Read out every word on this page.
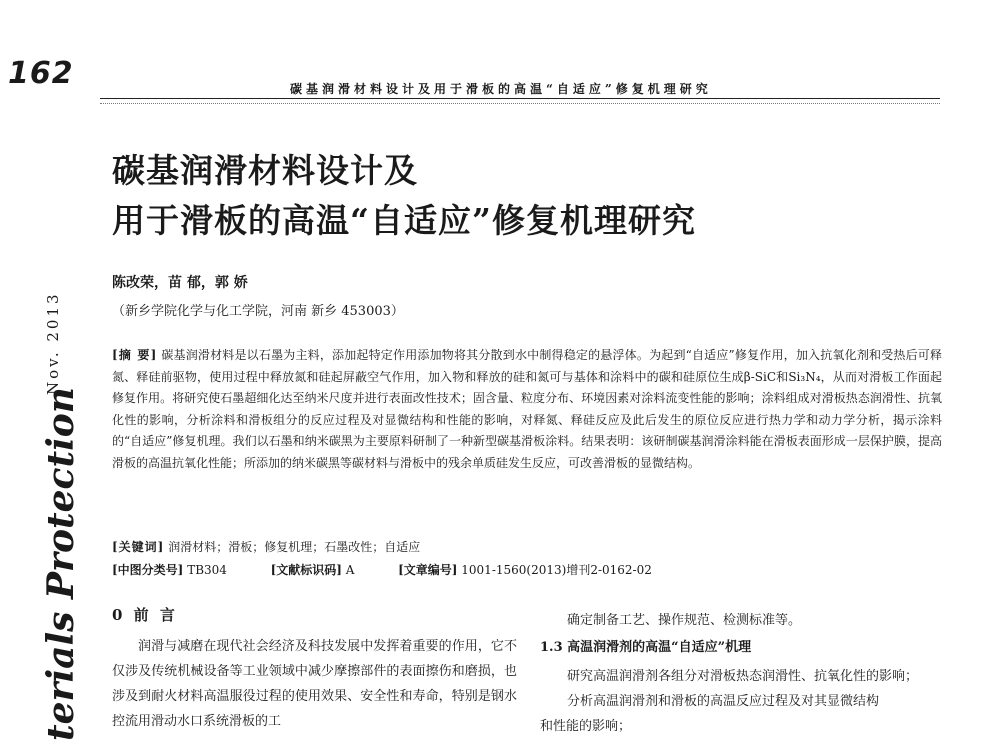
162	碳基润滑材料设计及用于滑板的高温“自适应”修复机理研究
碳基润滑材料设计及
用于滑板的高温“自适应”修复机理研究
陈改荣，苗 郁，郭 娇
（新乡学院化学与化工学院，河南 新乡 453003）
[摘 要] 碳基润滑材料是以石墨为主料，添加起特定作用添加物将其分散到水中制得稳定的悬浮体。为起到“自适应”修复作用，加入抗氧化剂和受热后可释氮、释硅前驱物，使用过程中释放氮和硅起屏蔽空气作用，加入物和释放的硅和氮可与基体和涂料中的碳和硅原位生成β-SiC和Si₃N₄，从而对滑板工作面起修复作用。将研究使石墨超细化达至纳米尺度并进行表面改性技术；固含量、粒度分布、环境因素对涂料流变性能的影响；涂料组成对滑板热态润滑性、抗氧化性的影响，分析涂料和滑板组分的反应过程及对显微结构和性能的影响，对释氮、释硅反应及此后发生的原位反应进行热力学和动力学分析，揭示涂料的“自适应”修复机理。我们以石墨和纳米碳黑为主要原料研制了一种新型碳基滑板涂料。结果表明：该研制碳基润滑涂料能在滑板表面形成一层保护膜，提高滑板的高温抗氧化性能；所添加的纳米碳黑等碳材料与滑板中的残余单质硅发生反应，可改善滑板的显微结构。
[关键词] 润滑材料；滑板；修复机理；石墨改性；自适应
[中图分类号] TB304	[文献标识码] A	[文章编号] 1001-1560(2013)增刊2-0162-02
0 前 言

润滑与减磨在现代社会经济及科技发展中发挥着重要的作用，它不仅涉及传统机械设备等工业领域中减少摩擦部件的表面擦伤和磨损，也涉及到耐火材料高温服役过程的使用效果、安全性和寿命，特别是钢水控流用滑动水口系统滑板的工

确定制备工艺、操作规范、检测标准等。
1.3 高温润滑剂的高温“自适应”机理
研究高温润滑剂各组分对滑板热态润滑性、抗氧化性的影响；
分析高温润滑剂和滑板的高温反应过程及对其显微结构
和性能的影响；
Nov. 2013
terials Protection
